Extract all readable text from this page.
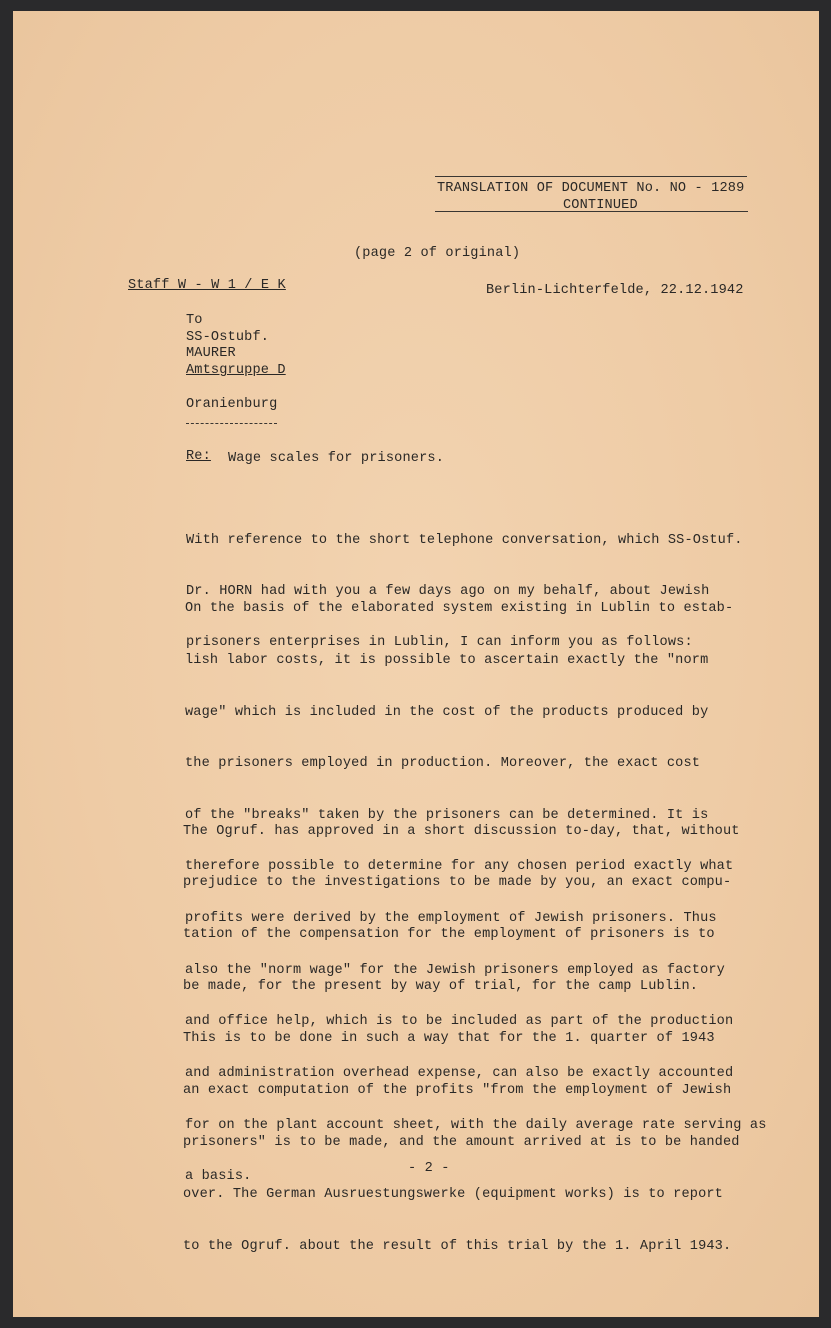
TRANSLATION OF DOCUMENT No. NO - 1289
CONTINUED
(page 2 of original)
Staff W - W 1 / E K	Berlin-Lichterfelde, 22.12.1942
To
SS-Ostubf.
MAURER
Amtsgruppe D
Oranienburg
Re: Wage scales for prisoners.

With reference to the short telephone conversation, which SS-Ostuf.

Dr. HORN had with you a few days ago on my behalf, about Jewish

prisoners enterprises in Lublin, I can inform you as follows:

On the basis of the elaborated system existing in Lublin to estab-

lish labor costs, it is possible to ascertain exactly the "norm

wage" which is included in the cost of the products produced by

the prisoners employed in production. Moreover, the exact cost

of the "breaks" taken by the prisoners can be determined. It is

therefore possible to determine for any chosen period exactly what

profits were derived by the employment of Jewish prisoners. Thus

also the "norm wage" for the Jewish prisoners employed as factory

and office help, which is to be included as part of the production

and administration overhead expense, can also be exactly accounted

for on the plant account sheet, with the daily average rate serving as

a basis.

The Ogruf. has approved in a short discussion to-day, that, without

prejudice to the investigations to be made by you, an exact compu-

tation of the compensation for the employment of prisoners is to

be made, for the present by way of trial, for the camp Lublin.

This is to be done in such a way that for the 1. quarter of 1943

an exact computation of the profits "from the employment of Jewish

prisoners" is to be made, and the amount arrived at is to be handed

over. The German Ausruestungswerke (equipment works) is to report

to the Ogruf. about the result of this trial by the 1. April 1943.

- 2 -
